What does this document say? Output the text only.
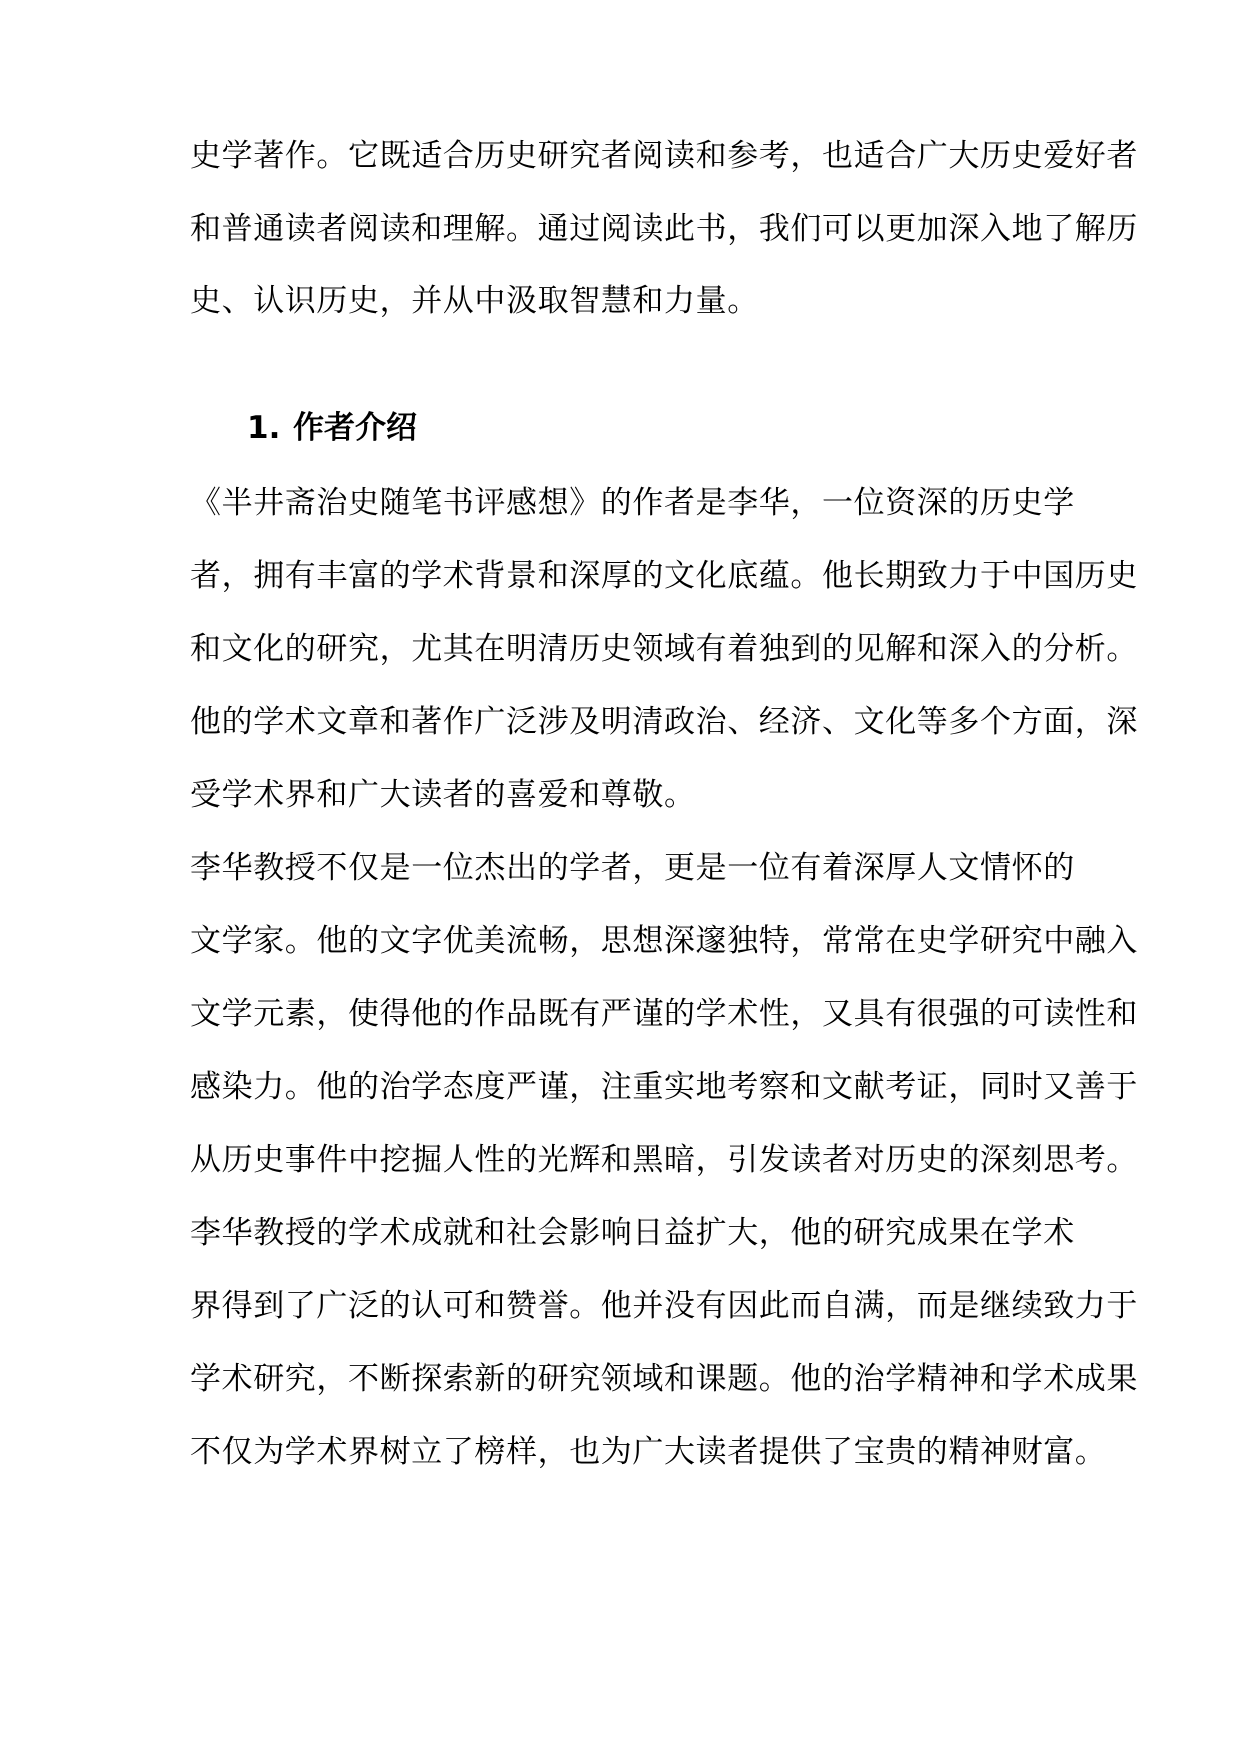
史学著作。它既适合历史研究者阅读和参考，也适合广大历史爱好者

和普通读者阅读和理解。通过阅读此书，我们可以更加深入地了解历

史、认识历史，并从中汲取智慧和力量。

1. 作者介绍

《半井斋治史随笔书评感想》的作者是李华，一位资深的历史学

者，拥有丰富的学术背景和深厚的文化底蕴。他长期致力于中国历史

和文化的研究，尤其在明清历史领域有着独到的见解和深入的分析。

他的学术文章和著作广泛涉及明清政治、经济、文化等多个方面，深

受学术界和广大读者的喜爱和尊敬。

李华教授不仅是一位杰出的学者，更是一位有着深厚人文情怀的

文学家。他的文字优美流畅，思想深邃独特，常常在史学研究中融入

文学元素，使得他的作品既有严谨的学术性，又具有很强的可读性和

感染力。他的治学态度严谨，注重实地考察和文献考证，同时又善于

从历史事件中挖掘人性的光辉和黑暗，引发读者对历史的深刻思考。

李华教授的学术成就和社会影响日益扩大，他的研究成果在学术

界得到了广泛的认可和赞誉。他并没有因此而自满，而是继续致力于

学术研究，不断探索新的研究领域和课题。他的治学精神和学术成果

不仅为学术界树立了榜样，也为广大读者提供了宝贵的精神财富。
